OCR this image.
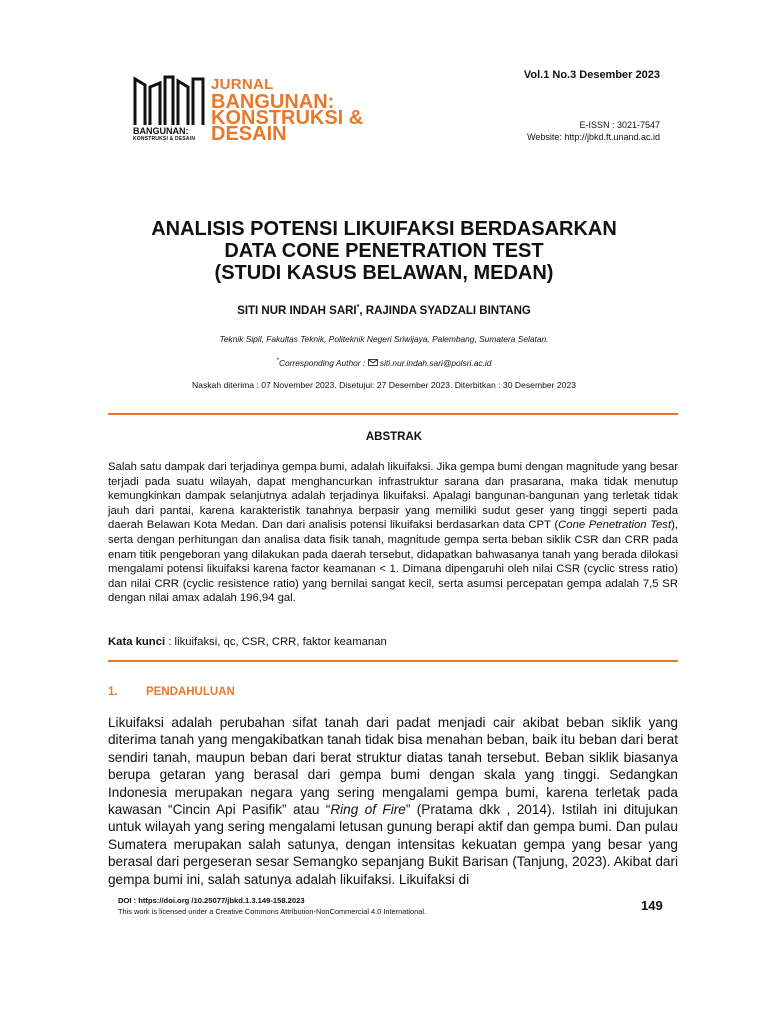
BANGUNAN:
KONSTRUKSI & DESAIN
JURNAL
BANGUNAN:
KONSTRUKSI &
DESAIN
Vol.1 No.3 Desember 2023
E-ISSN : 3021-7547
Website: http://jbkd.ft.unand.ac.id
ANALISIS POTENSI LIKUIFAKSI BERDASARKAN
DATA CONE PENETRATION TEST
(STUDI KASUS BELAWAN, MEDAN)
SITI NUR INDAH SARI*, RAJINDA SYADZALI BINTANG
Teknik Sipil, Fakultas Teknik, Politeknik Negeri Sriwijaya, Palembang, Sumatera Selatan.
*Corresponding Author :  siti.nur.indah.sari@polsri.ac.id
Naskah diterima : 07 November 2023. Disetujui: 27 Desember 2023. Diterbitkan : 30 Desember 2023
ABSTRAK
Salah satu dampak dari terjadinya gempa bumi, adalah likuifaksi. Jika gempa bumi dengan magnitude yang besar terjadi pada suatu wilayah, dapat menghancurkan infrastruktur sarana dan prasarana, maka tidak menutup kemungkinkan dampak selanjutnya adalah terjadinya likuifaksi. Apalagi bangunan-bangunan yang terletak tidak jauh dari pantai, karena karakteristik tanahnya berpasir yang memiliki sudut geser yang tinggi seperti pada daerah Belawan Kota Medan. Dan dari analisis potensi likuifaksi berdasarkan data CPT (Cone Penetration Test), serta dengan perhitungan dan analisa data fisik tanah, magnitude gempa serta beban siklik CSR dan CRR pada enam titik pengeboran yang dilakukan pada daerah tersebut, didapatkan bahwasanya tanah yang berada dilokasi mengalami potensi likuifaksi karena factor keamanan < 1. Dimana dipengaruhi oleh nilai CSR (cyclic stress ratio) dan nilai CRR (cyclic resistence ratio) yang bernilai sangat kecil, serta asumsi percepatan gempa adalah 7,5 SR dengan nilai amax adalah 196,94 gal.
Kata kunci : likuifaksi, qc, CSR, CRR, faktor keamanan
1. PENDAHULUAN
Likuifaksi adalah perubahan sifat tanah dari padat menjadi cair akibat beban siklik yang diterima tanah yang mengakibatkan tanah tidak bisa menahan beban, baik itu beban dari berat sendiri tanah, maupun beban dari berat struktur diatas tanah tersebut. Beban siklik biasanya berupa getaran yang berasal dari gempa bumi dengan skala yang tinggi. Sedangkan Indonesia merupakan negara yang sering mengalami gempa bumi, karena terletak pada kawasan “Cincin Api Pasifik” atau “Ring of Fire” (Pratama dkk , 2014). Istilah ini ditujukan untuk wilayah yang sering mengalami letusan gunung berapi aktif dan gempa bumi. Dan pulau Sumatera merupakan salah satunya, dengan intensitas kekuatan gempa yang besar yang berasal dari pergeseran sesar Semangko sepanjang Bukit Barisan (Tanjung, 2023). Akibat dari gempa bumi ini, salah satunya adalah likuifaksi. Likuifaksi di
DOI : https://doi.org /10.25077/jbkd.1.3.149-158.2023
This work is licensed under a Creative Commons Attribution-NonCommercial 4.0 International.	149
